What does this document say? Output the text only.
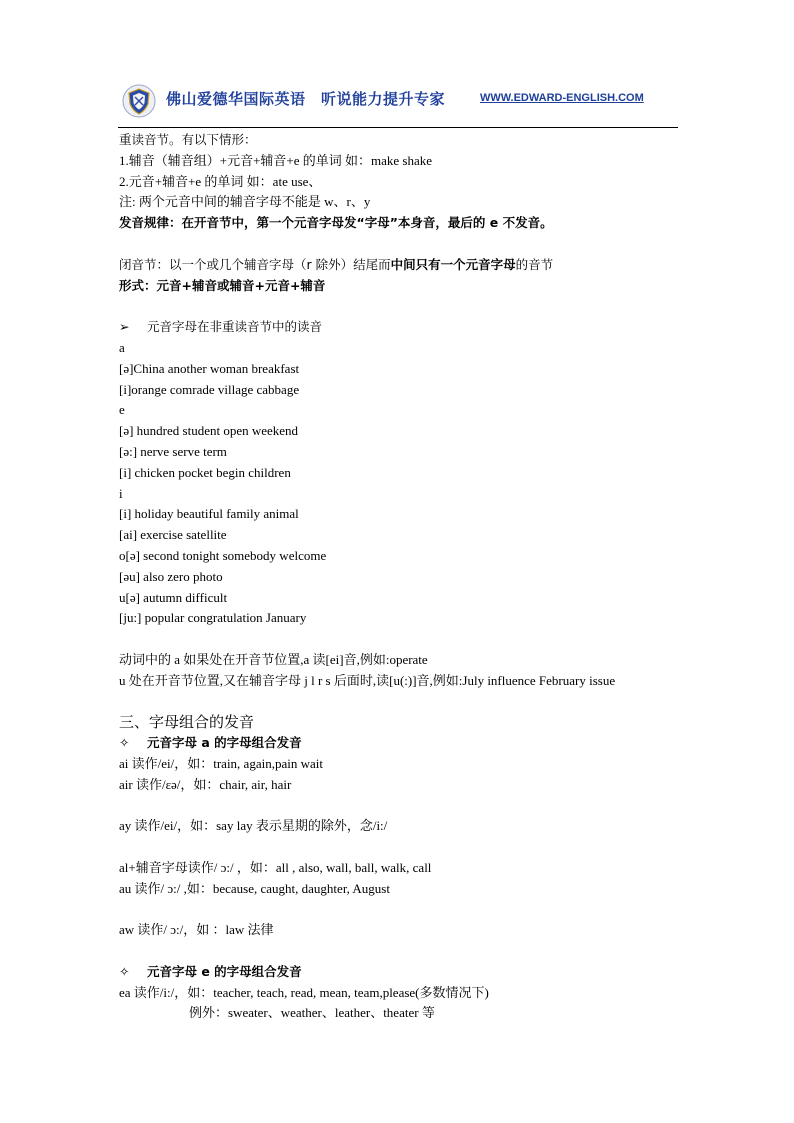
佛山爱德华国际英语　听说能力提升专家	WWW.EDWARD-ENGLISH.COM
重读音节。有以下情形：
1.辅音（辅音组）+元音+辅音+e 的单词 如：make shake
2.元音+辅音+e 的单词 如：ate use、
注: 两个元音中间的辅音字母不能是 w、r、y
发音规律：在开音节中，第一个元音字母发“字母”本身音，最后的 e 不发音。
闭音节：以一个或几个辅音字母（r 除外）结尾而中间只有一个元音字母的音节
形式：元音+辅音或辅音+元音+辅音
➢ 元音字母在非重读音节中的读音
a
[ə]China another woman breakfast
[i]orange comrade village cabbage
e
[ə] hundred student open weekend
[ə:] nerve serve term
[i] chicken pocket begin children
i
[i] holiday beautiful family animal
[ai] exercise satellite
o[ə] second tonight somebody welcome
[əu] also zero photo
u[ə] autumn difficult
[ju:] popular congratulation January
动词中的 a 如果处在开音节位置,a 读[ei]音,例如:operate
u 处在开音节位置,又在辅音字母 j l r s 后面时,读[u(:)]音,例如:July influence February issue
三、字母组合的发音
✧ 元音字母 a 的字母组合发音
ai 读作/ei/，如：train, again,pain wait
air 读作/εə/，如：chair, air, hair
ay 读作/ei/，如：say lay 表示星期的除外，念/i:/
al+辅音字母读作/ ɔ:/ ，如：all , also, wall, ball, walk, call
au 读作/ ɔ:/ ,如：because, caught, daughter, August
aw 读作/ ɔ:/，如 ：law 法律
✧ 元音字母 e 的字母组合发音
ea 读作/i:/，如：teacher, teach, read, mean, team,please(多数情况下)
例外：sweater、weather、leather、theater 等
